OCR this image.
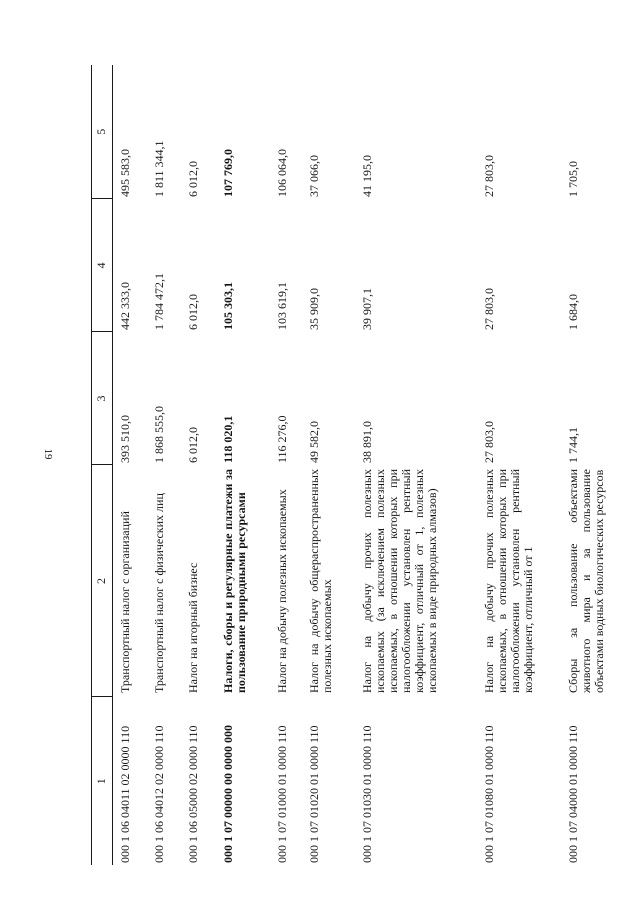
19
1	2	3	4	5
000 1 06 04011 02 0000 110	Транспортный налог с организаций	393 510,0	442 333,0	495 583,0
000 1 06 04012 02 0000 110	Транспортный налог с физических лиц	1 868 555,0	1 784 472,1	1 811 344,1
000 1 06 05000 02 0000 110	Налог на игорный бизнес	6 012,0	6 012,0	6 012,0
000 1 07 00000 00 0000 000	Налоги, сборы и регулярные платежи за пользование природными ресурсами	118 020,1	105 303,1	107 769,0
000 1 07 01000 01 0000 110	Налог на добычу полезных ископаемых	116 276,0	103 619,1	106 064,0
000 1 07 01020 01 0000 110	Налог на добычу общераспространенных полезных ископаемых	49 582,0	35 909,0	37 066,0
000 1 07 01030 01 0000 110	Налог на добычу прочих полезных ископаемых (за исключением полезных ископаемых, в отношении которых при налогообложении установлен рентный коэффициент, отличный от 1, полезных ископаемых в виде природных алмазов)	38 891,0	39 907,1	41 195,0
000 1 07 01080 01 0000 110	Налог на добычу прочих полезных ископаемых, в отношении которых при налогообложении установлен рентный коэффициент, отличный от 1	27 803,0	27 803,0	27 803,0
000 1 07 04000 01 0000 110	Сборы за пользование объектами животного мира и за пользование объектами водных биологических ресурсов	1 744,1	1 684,0	1 705,0
